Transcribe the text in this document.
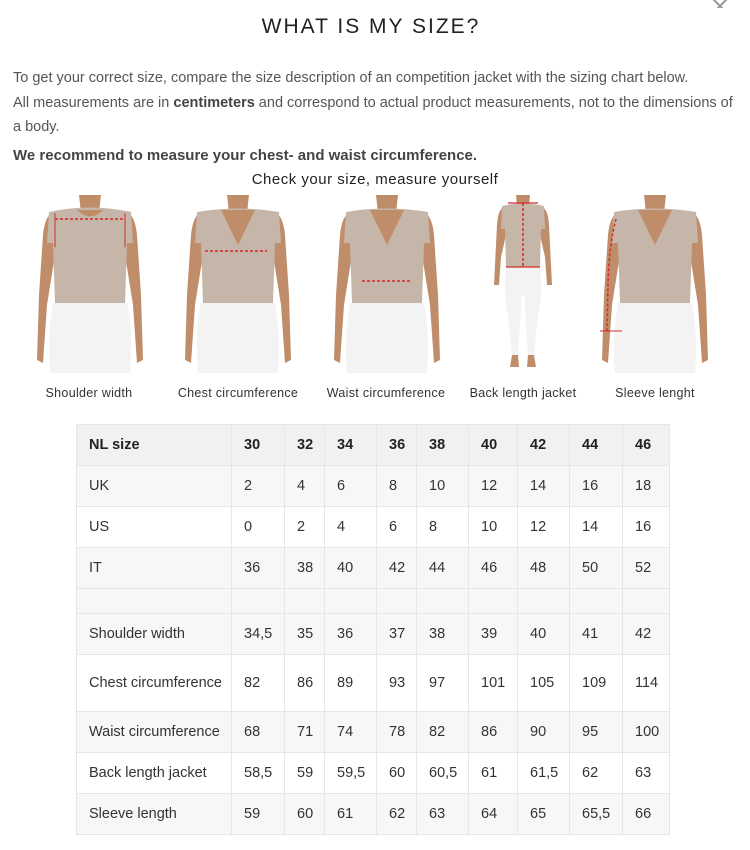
WHAT IS MY SIZE?

To get your correct size, compare the size description of an competition jacket with the sizing chart below.

All measurements are in centimeters and correspond to actual product measurements, not to the dimensions of a body.

We recommend to measure your chest- and waist circumference.

Check your size, measure yourself
Shoulder width	Chest circumference	Waist circumference	Back length jacket	Sleeve lenght
NL size	30	32	34	36	38	40	42	44	46
UK	2	4	6	8	10	12	14	16	18
US	0	2	4	6	8	10	12	14	16
IT	36	38	40	42	44	46	48	50	52

Shoulder width	34,5	35	36	37	38	39	40	41	42
Chest circumference	82	86	89	93	97	101	105	109	114
Waist circumference	68	71	74	78	82	86	90	95	100
Back length jacket	58,5	59	59,5	60	60,5	61	61,5	62	63
Sleeve length	59	60	61	62	63	64	65	65,5	66
